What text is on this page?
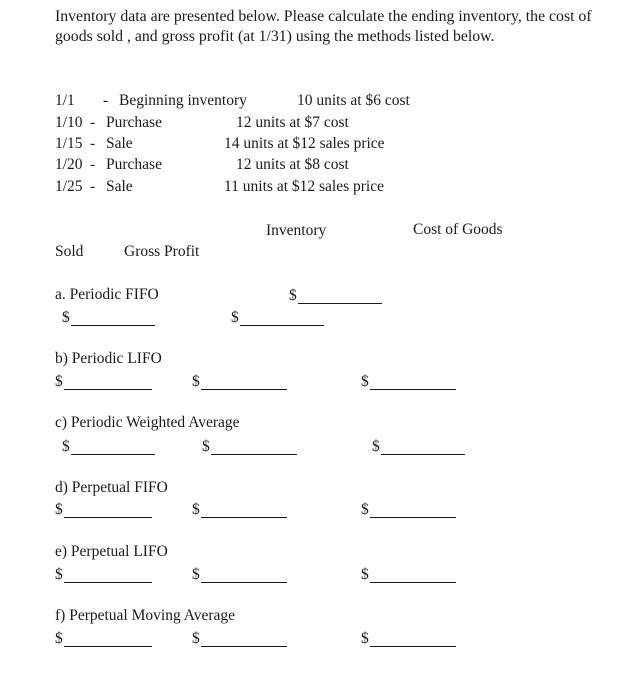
Inventory data are presented below. Please calculate the ending inventory, the cost of goods sold , and gross profit (at 1/31) using the methods listed below.
1/1 - Beginning inventory	10 units at $6 cost
1/10 - Purchase	12 units at $7 cost
1/15 - Sale	14 units at $12 sales price
1/20 - Purchase	12 units at $8 cost
1/25 - Sale	11 units at $12 sales price
Inventory	Cost of Goods
Sold	Gross Profit
a. Periodic FIFO	$
$	$
b) Periodic LIFO
$	$	$
c) Periodic Weighted Average
$	$	$
d) Perpetual FIFO
$	$	$
e) Perpetual LIFO
$	$	$
f) Perpetual Moving Average
$	$	$
